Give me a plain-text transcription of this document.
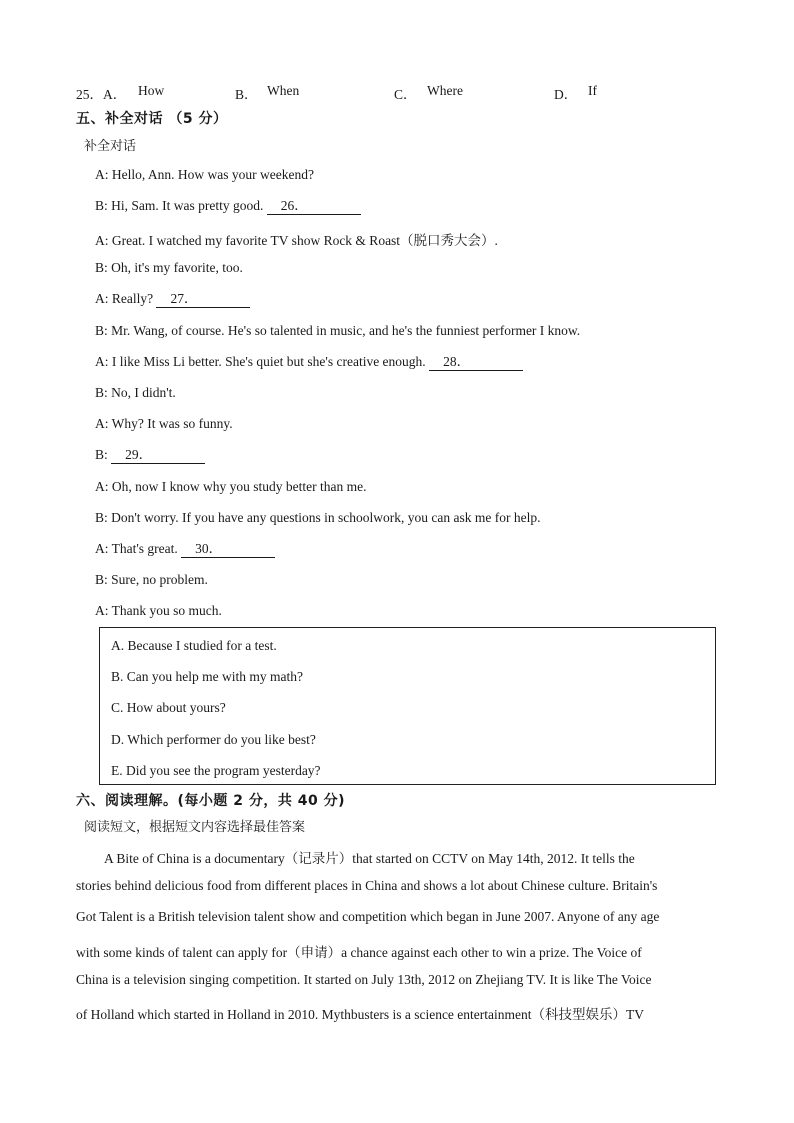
25．A． How	B． When	C． Where	D． If
五、补全对话 （5 分）
补全对话
A: Hello, Ann. How was your weekend?
B: Hi, Sam. It was pretty good. 26．
A: Great. I watched my favorite TV show Rock & Roast（脱口秀大会）.
B: Oh, it's my favorite, too.
A: Really? 27．
B: Mr. Wang, of course. He's so talented in music, and he's the funniest performer I know.
A: I like Miss Li better. She's quiet but she's creative enough. 28．
B: No, I didn't.
A: Why? It was so funny.
B: 29．
A: Oh, now I know why you study better than me.
B: Don't worry. If you have any questions in schoolwork, you can ask me for help.
A: That's great. 30．
B: Sure, no problem.
A: Thank you so much.
A. Because I studied for a test.
B. Can you help me with my math?
C. How about yours?
D. Which performer do you like best?
E. Did you see the program yesterday?
六、阅读理解。(每小题 2 分，共 40 分)
阅读短文，根据短文内容选择最佳答案
A Bite of China is a documentary（记录片）that started on CCTV on May 14th, 2012. It tells the
stories behind delicious food from different places in China and shows a lot about Chinese culture. Britain's
Got Talent is a British television talent show and competition which began in June 2007. Anyone of any age
with some kinds of talent can apply for（申请）a chance against each other to win a prize. The Voice of
China is a television singing competition. It started on July 13th, 2012 on Zhejiang TV. It is like The Voice
of Holland which started in Holland in 2010. Mythbusters is a science entertainment（科技型娱乐）TV
